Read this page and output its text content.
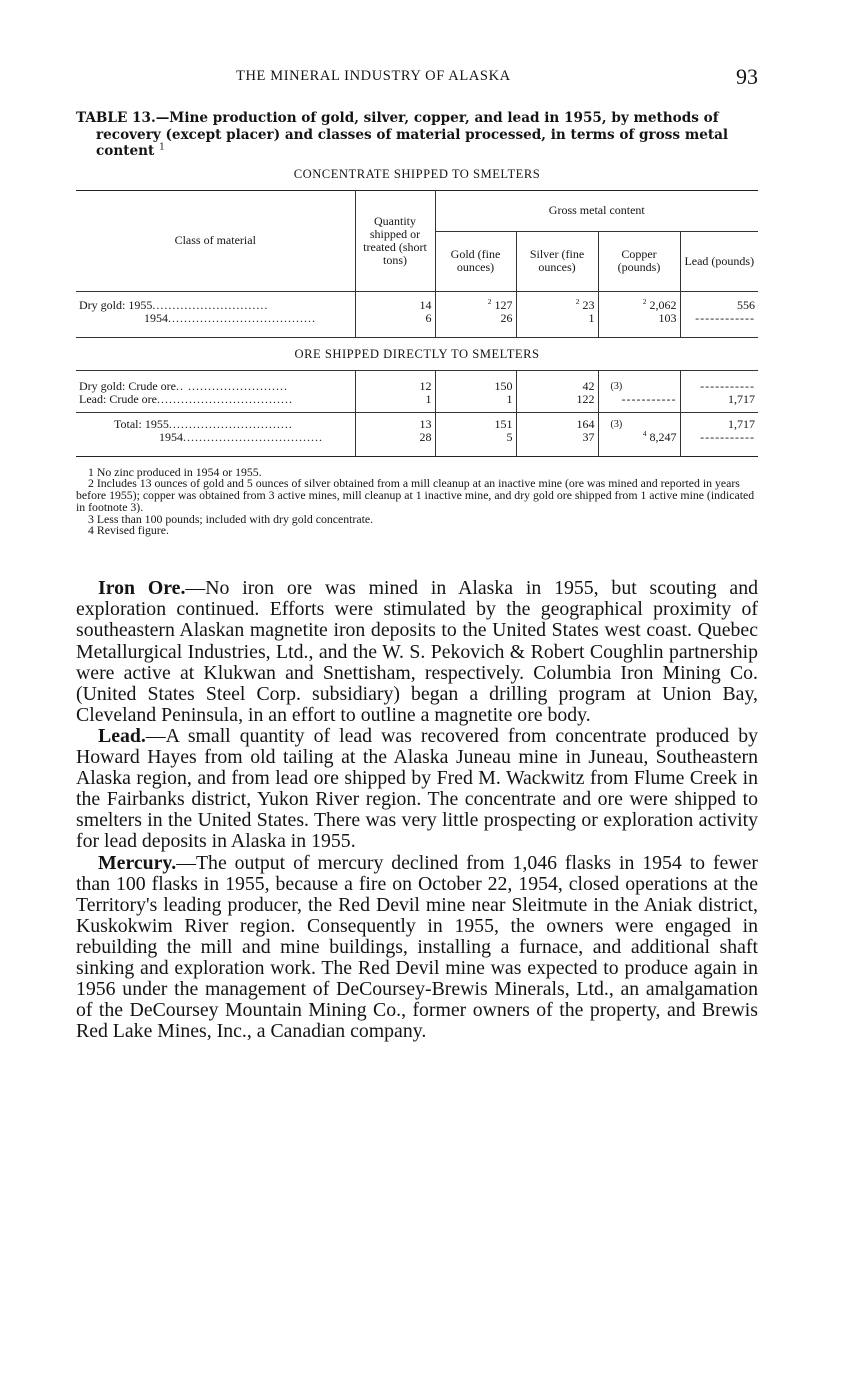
THE MINERAL INDUSTRY OF ALASKA	93
TABLE 13.—Mine production of gold, silver, copper, and lead in 1955, by methods of recovery (except placer) and classes of material processed, in terms of gross metal content $^1$
CONCENTRATE SHIPPED TO SMELTERS
Class of material	Quantity shipped or treated (short tons)	Gross metal content			
		Gold (fine ounces)	Silver (fine ounces)	Copper (pounds)	Lead (pounds)

Dry gold: 1955.............................	14	$^2$ 127	$^2$ 23	$^2$ 2,062	556
1954.....................................	6	26	1	103	------------

ORE SHIPPED DIRECTLY TO SMELTERS					

Dry gold: Crude ore.. .........................	12	150	42	(3)	-----------
Lead: Crude ore..................................	1	1	122	-----------	1,717

Total: 1955...............................	13	151	164	(3)	1,717
1954...................................	28	5	37	$^4$ 8,247	-----------

1 No zinc produced in 1954 or 1955.

2 Includes 13 ounces of gold and 5 ounces of silver obtained from a mill cleanup at an inactive mine (ore was mined and reported in years before 1955); copper was obtained from 3 active mines, mill cleanup at 1 inactive mine, and dry gold ore shipped from 1 active mine (indicated in footnote 3).

3 Less than 100 pounds; included with dry gold concentrate.

4 Revised figure.

Iron Ore.—No iron ore was mined in Alaska in 1955, but scouting and exploration continued. Efforts were stimulated by the geographical proximity of southeastern Alaskan magnetite iron deposits to the United States west coast. Quebec Metallurgical Industries, Ltd., and the W. S. Pekovich & Robert Coughlin partnership were active at Klukwan and Snettisham, respectively. Columbia Iron Mining Co. (United States Steel Corp. subsidiary) began a drilling program at Union Bay, Cleveland Peninsula, in an effort to outline a magnetite ore body.

Lead.—A small quantity of lead was recovered from concentrate produced by Howard Hayes from old tailing at the Alaska Juneau mine in Juneau, Southeastern Alaska region, and from lead ore shipped by Fred M. Wackwitz from Flume Creek in the Fairbanks district, Yukon River region. The concentrate and ore were shipped to smelters in the United States. There was very little prospecting or exploration activity for lead deposits in Alaska in 1955.

Mercury.—The output of mercury declined from 1,046 flasks in 1954 to fewer than 100 flasks in 1955, because a fire on October 22, 1954, closed operations at the Territory's leading producer, the Red Devil mine near Sleitmute in the Aniak district, Kuskokwim River region. Consequently in 1955, the owners were engaged in rebuilding the mill and mine buildings, installing a furnace, and additional shaft sinking and exploration work. The Red Devil mine was expected to produce again in 1956 under the management of DeCoursey-Brewis Minerals, Ltd., an amalgamation of the DeCoursey Mountain Mining Co., former owners of the property, and Brewis Red Lake Mines, Inc., a Canadian company.
